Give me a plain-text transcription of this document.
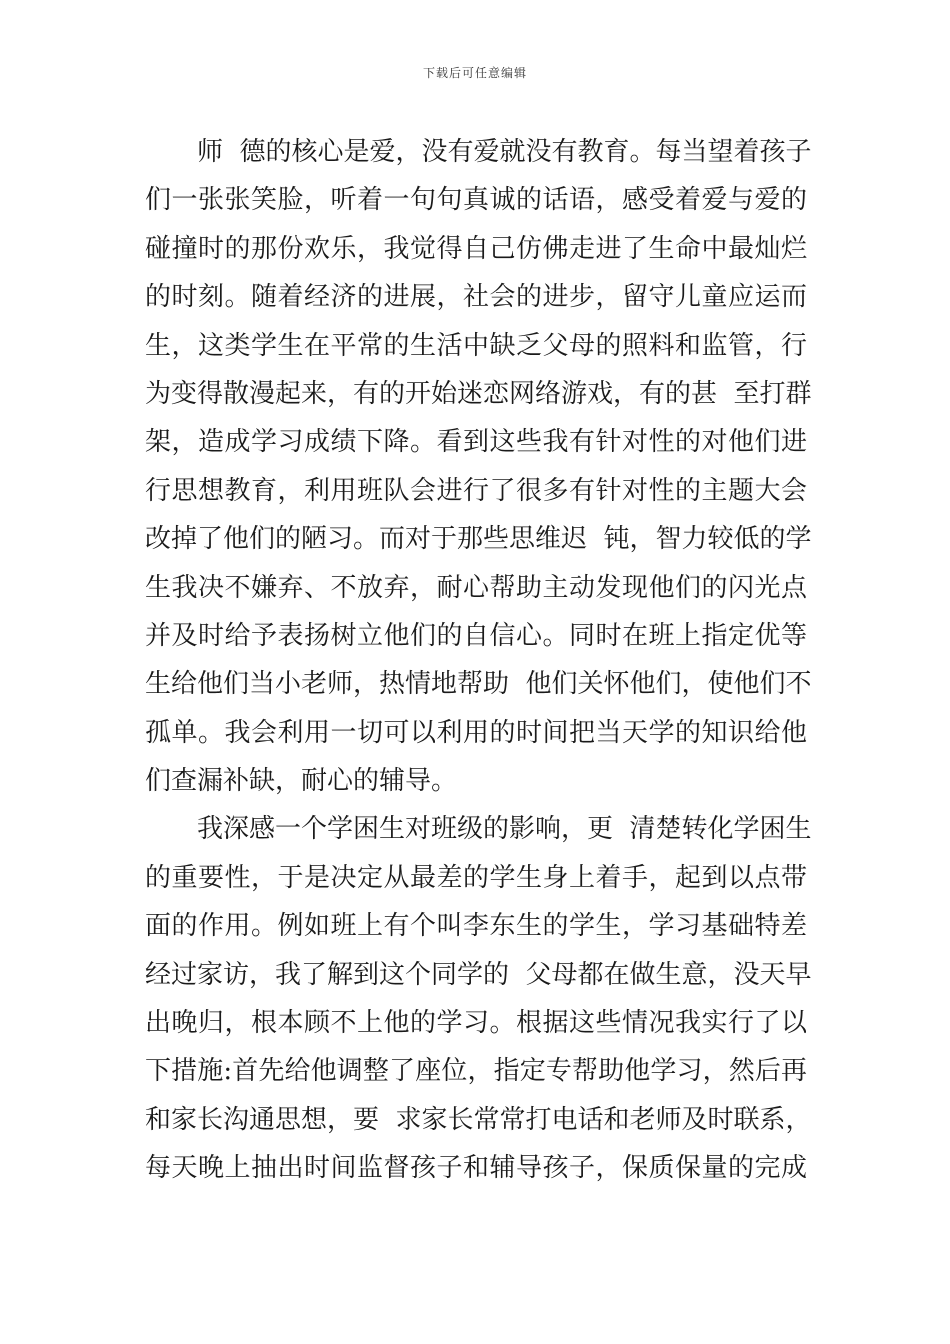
下载后可任意编辑
师  德的核心是爱，没有爱就没有教育。每当望着孩子
们一张张笑脸，听着一句句真诚的话语，感受着爱与爱的
碰撞时的那份欢乐，我觉得自己仿佛走进了生命中最灿烂
的时刻。随着经济的进展，社会的进步，留守儿童应运而
生，这类学生在平常的生活中缺乏父母的照料和监管，行
为变得散漫起来，有的开始迷恋网络游戏，有的甚  至打群
架，造成学习成绩下降。看到这些我有针对性的对他们进
行思想教育，利用班队会进行了很多有针对性的主题大会
改掉了他们的陋习。而对于那些思维迟  钝，智力较低的学
生我决不嫌弃、不放弃，耐心帮助主动发现他们的闪光点
并及时给予表扬树立他们的自信心。同时在班上指定优等
生给他们当小老师，热情地帮助  他们关怀他们，使他们不
孤单。我会利用一切可以利用的时间把当天学的知识给他
们查漏补缺，耐心的辅导。
我深感一个学困生对班级的影响，更  清楚转化学困生
的重要性，于是决定从最差的学生身上着手，起到以点带
面的作用。例如班上有个叫李东生的学生，学习基础特差
经过家访，我了解到这个同学的  父母都在做生意，没天早
出晚归，根本顾不上他的学习。根据这些情况我实行了以
下措施:首先给他调整了座位，指定专帮助他学习，然后再
和家长沟通思想，要  求家长常常打电话和老师及时联系，
每天晚上抽出时间监督孩子和辅导孩子，保质保量的完成
